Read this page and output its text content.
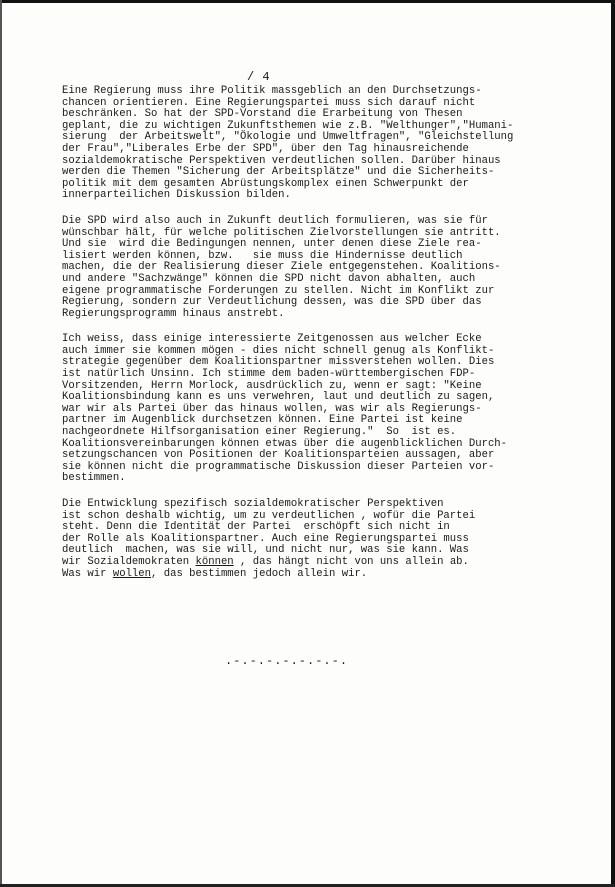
/ 4
Eine Regierung muss ihre Politik massgeblich an den Durchsetzungs-
chancen orientieren. Eine Regierungspartei muss sich darauf nicht
beschränken. So hat der SPD-Vorstand die Erarbeitung von Thesen
geplant, die zu wichtigen Zukunftsthemen wie z.B. "Welthunger","Humani-
sierung  der Arbeitswelt", "Ökologie und Umweltfragen", "Gleichstellung
der Frau","Liberales Erbe der SPD", über den Tag hinausreichende
sozialdemokratische Perspektiven verdeutlichen sollen. Darüber hinaus
werden die Themen "Sicherung der Arbeitsplätze" und die Sicherheits-
politik mit dem gesamten Abrüstungskomplex einen Schwerpunkt der
innerparteilichen Diskussion bilden.
Die SPD wird also auch in Zukunft deutlich formulieren, was sie für
wünschbar hält, für welche politischen Zielvorstellungen sie antritt.
Und sie  wird die Bedingungen nennen, unter denen diese Ziele rea-
lisiert werden können, bzw.   sie muss die Hindernisse deutlich
machen, die der Realisierung dieser Ziele entgegenstehen. Koalitions-
und andere "Sachzwänge" können die SPD nicht davon abhalten, auch
eigene programmatische Forderungen zu stellen. Nicht im Konflikt zur
Regierung, sondern zur Verdeutlichung dessen, was die SPD über das
Regierungsprogramm hinaus anstrebt.
Ich weiss, dass einige interessierte Zeitgenossen aus welcher Ecke
auch immer sie kommen mögen - dies nicht schnell genug als Konflikt-
strategie gegenüber dem Koalitionspartner missverstehen wollen. Dies
ist natürlich Unsinn. Ich stimme dem baden-württembergischen FDP-
Vorsitzenden, Herrn Morlock, ausdrücklich zu, wenn er sagt: "Keine
Koalitionsbindung kann es uns verwehren, laut und deutlich zu sagen,
war wir als Partei über das hinaus wollen, was wir als Regierungs-
partner im Augenblick durchsetzen können. Eine Partei ist keine
nachgeordnete Hilfsorganisation einer Regierung."  So  ist es.
Koalitionsvereinbarungen können etwas über die augenblicklichen Durch-
setzungschancen von Positionen der Koalitionsparteien aussagen, aber
sie können nicht die programmatische Diskussion dieser Parteien vor-
bestimmen.
Die Entwicklung spezifisch sozialdemokratischer Perspektiven
ist schon deshalb wichtig, um zu verdeutlichen , wofür die Partei
steht. Denn die Identität der Partei  erschöpft sich nicht in
der Rolle als Koalitionspartner. Auch eine Regierungspartei muss
deutlich  machen, was sie will, und nicht nur, was sie kann. Was
wir Sozialdemokraten können , das hängt nicht von uns allein ab.
Was wir wollen, das bestimmen jedoch allein wir.
.-.-.-.-.-.-.-.
